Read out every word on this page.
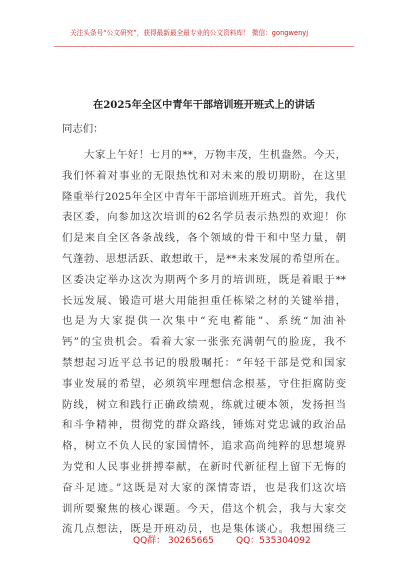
关注头条号“公文研究”，获得最新最全最专业的公文资料库！ 微信：gongwenyj
在2025年全区中青年干部培训班开班式上的讲话
同志们：
大家上午好！七月的**，万物丰茂，生机盎然。今天，
我们怀着对事业的无限热忱和对未来的殷切期盼，在这里
隆重举行2025年全区中青年干部培训班开班式。首先，我代
表区委，向参加这次培训的62名学员表示热烈的欢迎！你
们是来自全区各条战线，各个领域的骨干和中坚力量，朝
气蓬勃、思想活跃、敢想敢干，是**未来发展的希望所在。
区委决定举办这次为期两个多月的培训班，既是着眼于**
长远发展、锻造可堪大用能担重任栋梁之材的关键举措，
也是为大家提供一次集中“充电蓄能”、系统“加油补
钙”的宝贵机会。看着大家一张张充满朝气的脸庞，我不
禁想起习近平总书记的殷殷嘱托：“年轻干部是党和国家
事业发展的希望，必须筑牢理想信念根基，守住拒腐防变
防线，树立和践行正确政绩观，练就过硬本领，发扬担当
和斗争精神，贯彻党的群众路线，锤炼对党忠诚的政治品
格，树立不负人民的家国情怀，追求高尚纯粹的思想境界
为党和人民事业拼搏奉献，在新时代新征程上留下无悔的
奋斗足迹。”这既是对大家的深情寄语，也是我们这次培
训所要聚焦的核心课题。今天，借这个机会，我与大家交
流几点想法，既是开班动员，也是集体谈心。我想围绕三
QQ群： 30265665 QQ：535304092
